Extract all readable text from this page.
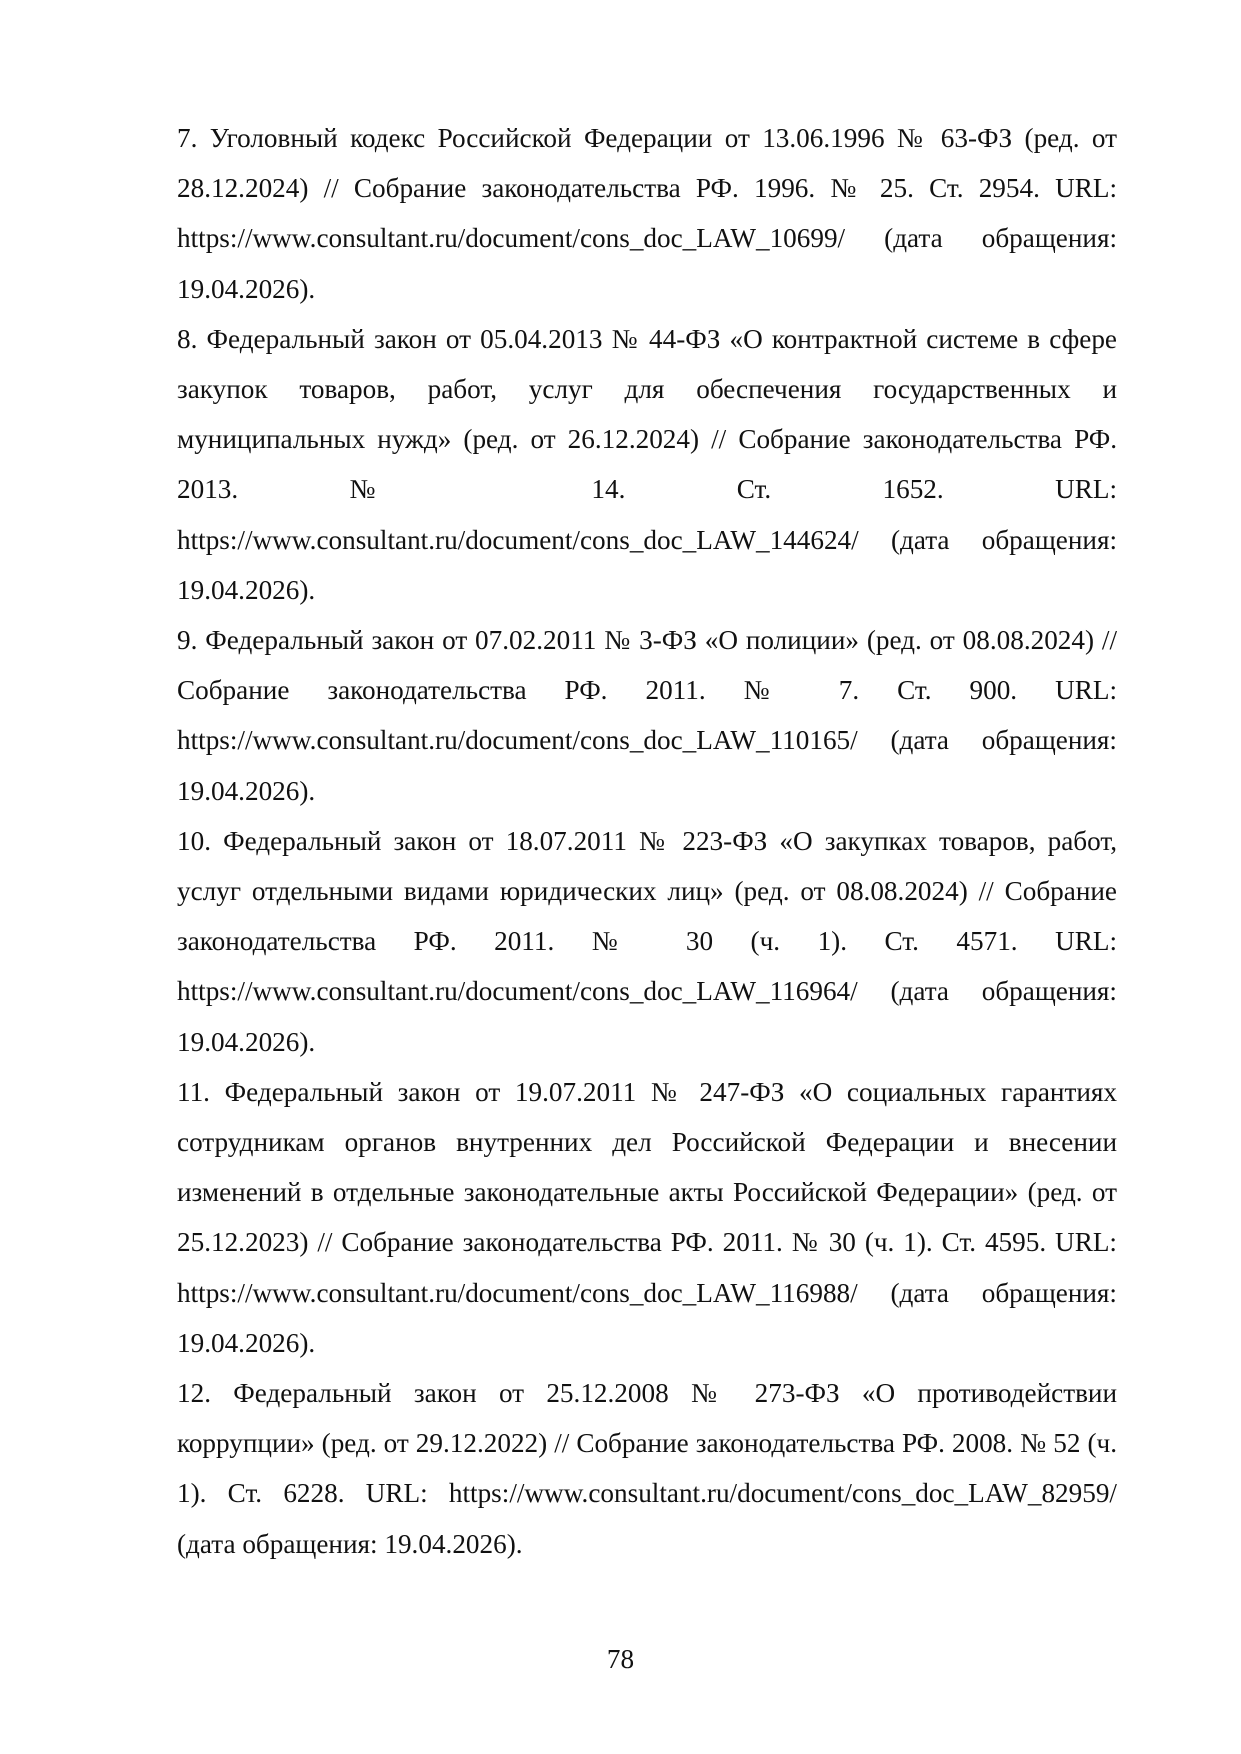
7. Уголовный кодекс Российской Федерации от 13.06.1996 № 63-ФЗ (ред. от 28.12.2024) // Собрание законодательства РФ. 1996. № 25. Ст. 2954. URL: https://www.consultant.ru/document/cons_doc_LAW_10699/ (дата обращения: 19.04.2026).

8. Федеральный закон от 05.04.2013 № 44-ФЗ «О контрактной системе в сфере закупок товаров, работ, услуг для обеспечения государственных и муниципальных нужд» (ред. от 26.12.2024) // Собрание законодательства РФ. 2013. № 14. Ст. 1652. URL: https://www.consultant.ru/document/cons_doc_LAW_144624/ (дата обращения: 19.04.2026).

9. Федеральный закон от 07.02.2011 № 3-ФЗ «О полиции» (ред. от 08.08.2024) // Собрание законодательства РФ. 2011. № 7. Ст. 900. URL: https://www.consultant.ru/document/cons_doc_LAW_110165/ (дата обращения: 19.04.2026).

10. Федеральный закон от 18.07.2011 № 223-ФЗ «О закупках товаров, работ, услуг отдельными видами юридических лиц» (ред. от 08.08.2024) // Собрание законодательства РФ. 2011. № 30 (ч. 1). Ст. 4571. URL: https://www.consultant.ru/document/cons_doc_LAW_116964/ (дата обращения: 19.04.2026).

11. Федеральный закон от 19.07.2011 № 247-ФЗ «О социальных гарантиях сотрудникам органов внутренних дел Российской Федерации и внесении изменений в отдельные законодательные акты Российской Федерации» (ред. от 25.12.2023) // Собрание законодательства РФ. 2011. № 30 (ч. 1). Ст. 4595. URL: https://www.consultant.ru/document/cons_doc_LAW_116988/ (дата обращения: 19.04.2026).

12. Федеральный закон от 25.12.2008 № 273-ФЗ «О противодействии коррупции» (ред. от 29.12.2022) // Собрание законодательства РФ. 2008. № 52 (ч. 1). Ст. 6228. URL: https://www.consultant.ru/document/cons_doc_LAW_82959/ (дата обращения: 19.04.2026).

78
